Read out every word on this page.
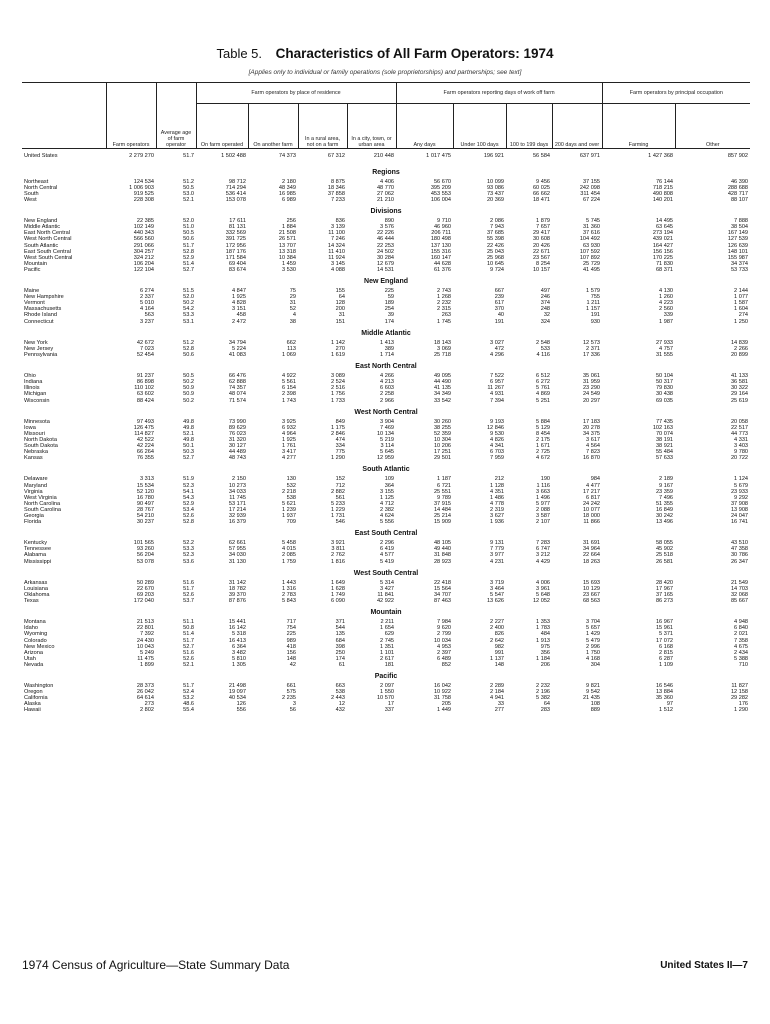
Table 5. Characteristics of All Farm Operators: 1974
[Applies only to individual or family operations (sole proprietorships) and partnerships; see text]
			Farm operators by place of residence				Farm operators reporting days of work off farm				Farm operators by principal occupation	
	Farm operators	Average age of farm operator	On farm operated	On another farm	In a rural area, not on a farm	In a city, town, or urban area	Any days	Under 100 days	100 to 199 days	200 days and over	Farming	Other
United States	2 279 270	51.7	1 502 488	74 373	67 312	210 448	1 017 475	196 921	56 584	637 971	1 427 368	857 902
Regions												
Northeast	124 534	51.2	98 712	2 180	8 875	4 406	56 670	10 099	9 456	37 155	76 144	46 390
North Central	1 006 903	50.5	714 294	48 349	18 346	48 770	395 209	93 086	60 025	242 098	718 215	288 688
South	919 525	53.0	536 414	16 985	37 858	27 062	453 553	73 437	66 662	311 454	490 808	428 717
West	228 308	52.1	153 078	6 989	7 233	21 210	106 004	20 369	18 471	67 224	140 201	88 107
Divisions												
New England	22 385	52.0	17 611	256	836	890	9 710	2 086	1 879	5 745	14 495	7 888
Middle Atlantic	102 149	51.0	81 131	1 884	3 139	3 576	46 960	7 943	7 657	31 360	63 645	38 504
East North Central	440 343	50.5	332 569	21 508	11 100	22 226	206 711	37 685	29 417	37 616	273 194	167 149
West North Central	566 560	50.6	391 725	26 571	7 246	46 444	180 498	55 398	30 608	104 492	439 021	127 539
South Atlantic	291 066	51.7	172 956	13 707	14 324	22 253	137 130	22 426	20 426	63 930	164 427	126 639
East South Central	304 257	52.8	187 176	13 318	11 410	24 502	155 316	25 043	22 671	107 592	156 156	148 101
West South Central	324 212	52.9	171 584	10 384	11 924	30 284	160 147	25 968	23 567	107 892	170 225	155 987
Mountain	106 204	51.4	69 404	1 459	3 145	12 679	44 628	10 645	8 254	25 729	71 830	34 374
Pacific	122 104	52.7	83 674	3 530	4 088	14 531	61 376	9 724	10 157	41 495	68 371	53 733
New England												
Maine	6 274	51.5	4 847	75	155	225	2 743	667	497	1 579	4 130	2 144
New Hampshire	2 337	52.0	1 925	29	64	59	1 268	239	246	755	1 260	1 077
Vermont	5 010	50.2	4 828	31	128	189	2 232	617	374	1 211	4 223	1 587
Massachusetts	4 164	54.2	3 151	52	200	254	2 315	370	248	1 157	2 560	1 604
Rhode Island	563	53.3	458	4	31	39	263	40	32	191	339	274
Connecticut	3 237	53.1	2 472	38	151	174	1 745	191	324	930	1 987	1 250
Middle Atlantic												
New York	42 672	51.2	34 794	662	1 142	1 413	18 143	3 027	2 548	12 573	27 933	14 839
New Jersey	7 023	52.8	5 224	113	270	389	3 069	472	533	2 371	4 757	2 266
Pennsylvania	52 454	50.6	41 083	1 069	1 619	1 714	25 718	4 296	4 116	17 336	31 555	20 899
East North Central												
Ohio	91 237	50.5	66 476	4 922	3 089	4 266	49 095	7 522	6 512	35 061	50 104	41 133
Indiana	86 898	50.2	62 888	5 561	2 524	4 213	44 490	6 957	6 272	31 959	50 317	36 581
Illinois	110 102	50.9	74 357	6 154	2 516	6 603	41 135	11 267	5 761	23 290	79 830	30 322
Michigan	63 602	50.9	48 074	2 398	1 756	2 258	34 349	4 931	4 869	24 549	30 438	29 164
Wisconsin	88 424	50.2	71 574	1 743	1 733	2 966	33 542	7 394	5 251	20 297	69 035	25 619
West North Central												
Minnesota	97 493	49.8	73 990	3 925	849	3 904	30 260	9 193	5 884	17 183	77 435	20 058
Iowa	126 475	49.8	89 629	6 932	1 175	7 469	38 255	12 846	5 129	20 278	102 163	22 517
Missouri	114 827	52.1	76 023	4 964	2 846	10 134	52 359	9 530	8 454	34 375	70 074	44 773
North Dakota	42 522	49.8	31 320	1 925	474	5 219	10 304	4 826	2 175	3 617	38 191	4 331
South Dakota	42 224	50.1	30 127	1 761	334	3 114	10 206	4 341	1 671	4 564	38 921	3 403
Nebraska	66 264	50.3	44 489	3 417	775	5 645	17 251	6 703	2 725	7 823	55 484	9 780
Kansas	76 355	52.7	48 743	4 277	1 290	12 959	29 501	7 959	4 672	16 870	57 633	20 722
South Atlantic												
Delaware	3 313	51.9	2 150	130	152	109	1 187	212	190	984	2 189	1 124
Maryland	15 534	52.3	10 273	532	712	364	6 721	1 128	1 116	4 477	9 167	5 679
Virginia	52 120	54.1	34 033	2 218	2 882	3 155	25 551	4 351	3 663	17 217	23 359	23 933
West Virginia	16 780	54.3	11 745	538	561	1 125	9 789	1 486	1 496	6 817	7 496	9 292
North Carolina	90 497	52.9	53 171	5 621	5 233	4 712	37 915	4 778	5 977	24 242	51 355	37 908
South Carolina	28 767	53.4	17 214	1 239	1 229	2 382	14 484	2 319	2 088	10 077	16 849	13 908
Georgia	54 210	52.6	32 939	1 937	1 731	4 624	25 214	3 627	3 587	18 000	30 242	24 047
Florida	30 237	52.8	16 379	709	546	5 556	15 909	1 936	2 107	11 866	13 496	16 741
East South Central												
Kentucky	101 565	52.2	62 661	5 458	3 921	2 296	48 105	9 131	7 283	31 691	58 055	43 510
Tennessee	93 260	53.3	57 955	4 015	3 811	6 419	49 440	7 779	6 747	34 964	45 902	47 358
Alabama	56 204	52.3	34 030	2 085	2 762	4 577	31 848	3 977	3 212	22 664	25 518	30 786
Mississippi	53 078	53.6	31 130	1 759	1 816	5 419	28 923	4 231	4 429	18 263	26 581	26 347
West South Central												
Arkansas	50 289	51.6	31 142	1 443	1 649	5 314	22 418	3 719	4 006	15 693	28 420	21 549
Louisiana	22 670	51.7	18 782	1 316	1 628	3 427	15 564	3 464	3 961	10 129	17 967	14 703
Oklahoma	69 203	52.6	39 370	2 783	1 749	11 841	34 707	5 547	5 648	23 667	37 165	32 068
Texas	172 040	53.7	87 876	5 843	6 090	42 922	87 463	13 626	12 052	68 563	86 273	85 667
Mountain												
Montana	21 513	51.1	15 441	717	371	2 211	7 984	2 227	1 353	3 704	16 967	4 948
Idaho	22 801	50.8	16 142	754	544	1 654	9 620	2 400	1 783	5 657	15 961	6 840
Wyoming	7 392	51.4	5 318	225	135	629	2 799	826	484	1 429	5 371	2 021
Colorado	24 430	51.7	16 413	989	684	2 745	10 034	2 642	1 913	5 479	17 072	7 358
New Mexico	10 043	52.7	6 364	418	398	1 351	4 953	982	975	2 996	6 168	4 675
Arizona	5 249	51.6	3 482	156	250	1 101	2 397	991	356	1 750	2 815	2 434
Utah	11 475	52.6	5 810	148	174	2 617	6 489	1 137	1 184	4 168	6 287	5 388
Nevada	1 899	52.1	1 305	42	61	181	852	148	206	304	1 109	710
Pacific												
Washington	28 373	51.7	21 498	661	663	2 097	16 042	2 289	2 232	9 821	16 546	11 827
Oregon	26 042	52.4	19 097	575	538	1 550	10 922	2 184	2 196	9 542	13 884	12 158
California	64 614	53.2	40 534	2 235	2 443	10 570	31 758	4 941	5 382	21 435	35 360	29 282
Alaska	273	48.6	126	3	12	17	205	33	64	108	97	176
Hawaii	2 802	55.4	556	56	432	337	1 449	277	283	889	1 512	1 290
1974 Census of Agriculture—State Summary Data	United States II—7
